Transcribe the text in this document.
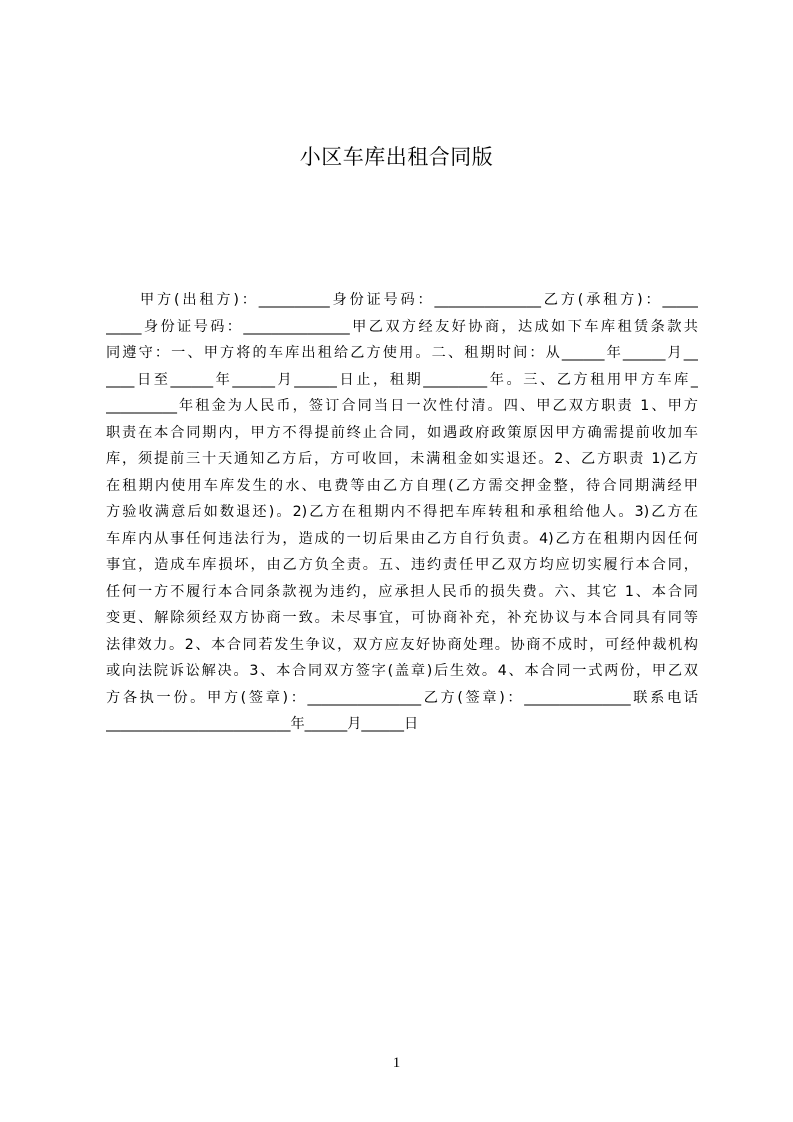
小区车库出租合同版
　　甲方(出租方)：__________身份证号码：_______________乙方(承租方)：_____
_____身份证号码：_______________甲乙双方经友好协商，达成如下车库租赁条款共
同遵守：一、甲方将的车库出租给乙方使用。二、租期时间：从______年______月__
____日至______年______月______日止，租期_________年。三、乙方租用甲方车库_
__________年租金为人民币，签订合同当日一次性付清。四、甲乙双方职责 1、甲方
职责在本合同期内，甲方不得提前终止合同，如遇政府政策原因甲方确需提前收加车
库，须提前三十天通知乙方后，方可收回，未满租金如实退还。2、乙方职责 1)乙方
在租期内使用车库发生的水、电费等由乙方自理(乙方需交押金整，待合同期满经甲
方验收满意后如数退还)。2)乙方在租期内不得把车库转租和承租给他人。3)乙方在
车库内从事任何违法行为，造成的一切后果由乙方自行负责。4)乙方在租期内因任何
事宜，造成车库损坏，由乙方负全责。五、违约责任甲乙双方均应切实履行本合同，
任何一方不履行本合同条款视为违约，应承担人民币的损失费。六、其它 1、本合同
变更、解除须经双方协商一致。未尽事宜，可协商补充，补充协议与本合同具有同等
法律效力。2、本合同若发生争议，双方应友好协商处理。协商不成时，可经仲裁机构
或向法院诉讼解决。3、本合同双方签字(盖章)后生效。4、本合同一式两份，甲乙双
方各执一份。甲方(签章)：________________乙方(签章)：_______________联系电话
__________________________年______月______日
1
